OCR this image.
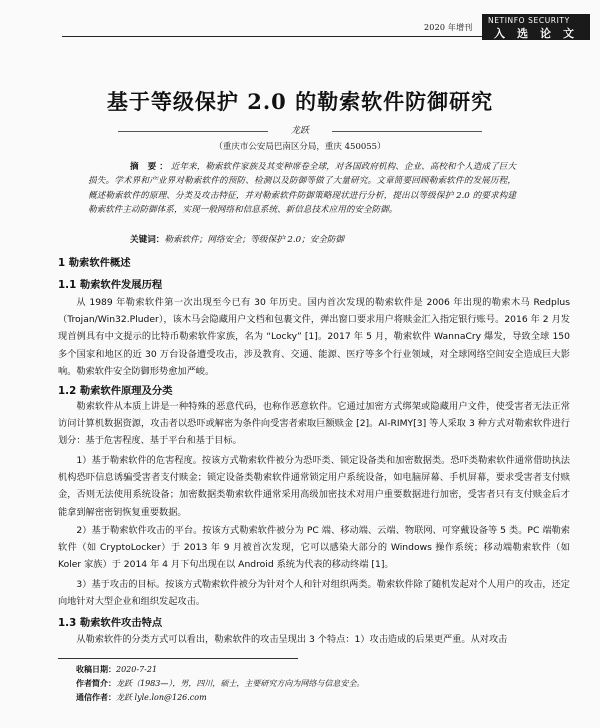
2020 年增刊
NETINFO SECURITY
入选论文
基于等级保护 2.0 的勒索软件防御研究
龙跃
（重庆市公安局巴南区分局，重庆 450055）
摘 要：近年来，勒索软件家族及其变种席卷全球，对各国政府机构、企业、高校和个人造成了巨大损失。学术界和产业界对勒索软件的预防、检测以及防御等做了大量研究。文章简要回顾勒索软件的发展历程，概述勒索软件的原理、分类及攻击特征，并对勒索软件防御策略现状进行分析，提出以等级保护 2.0 的要求构建勒索软件主动防御体系，实现一般网络和信息系统、新信息技术应用的安全防御。
关键词：勒索软件；网络安全；等级保护 2.0；安全防御
1 勒索软件概述
1.1 勒索软件发展历程
从 1989 年勒索软件第一次出现至今已有 30 年历史。国内首次发现的勒索软件是 2006 年出现的勒索木马 Redplus（Trojan/Win32.Pluder），该木马会隐藏用户文档和包裹文件，弹出窗口要求用户将赎金汇入指定银行账号。2016 年 2 月发现首例具有中文提示的比特币勒索软件家族，名为 “Locky” [1]。2017 年 5 月，勒索软件 WannaCry 爆发，导致全球 150 多个国家和地区的近 30 万台设备遭受攻击，涉及教育、交通、能源、医疗等多个行业领域，对全球网络空间安全造成巨大影响。勒索软件安全防御形势愈加严峻。
1.2 勒索软件原理及分类
勒索软件从本质上讲是一种特殊的恶意代码，也称作恶意软件。它通过加密方式绑架或隐藏用户文件，使受害者无法正常访问计算机数据资源，攻击者以恐吓或解密为条件向受害者索取巨额赎金 [2]。Al-RIMY[3] 等人采取 3 种方式对勒索软件进行划分：基于危害程度、基于平台和基于目标。
1）基于勒索软件的危害程度。按该方式勒索软件被分为恐吓类、锁定设备类和加密数据类。恐吓类勒索软件通常借助执法机构恐吓信息诱骗受害者支付赎金；锁定设备类勒索软件通常锁定用户系统设备，如电脑屏幕、手机屏幕，要求受害者支付赎金，否则无法使用系统设备；加密数据类勒索软件通常采用高级加密技术对用户重要数据进行加密，受害者只有支付赎金后才能拿到解密密钥恢复重要数据。
2）基于勒索软件攻击的平台。按该方式勒索软件被分为 PC 端、移动端、云端、物联网、可穿戴设备等 5 类。PC 端勒索软件（如 CryptoLocker）于 2013 年 9 月被首次发现，它可以感染大部分的 Windows 操作系统；移动端勒索软件（如 Koler 家族）于 2014 年 4 月下旬出现在以 Android 系统为代表的移动终端 [1]。
3）基于攻击的目标。按该方式勒索软件被分为针对个人和针对组织两类。勒索软件除了随机发起对个人用户的攻击，还定向地针对大型企业和组织发起攻击。
1.3 勒索软件攻击特点
从勒索软件的分类方式可以看出，勒索软件的攻击呈现出 3 个特点：1）攻击造成的后果更严重。从对攻击
收稿日期：2020-7-21
作者简介：龙跃（1983—），男，四川，硕士，主要研究方向为网络与信息安全。
通信作者：龙跃 lyle.lon@126.com
